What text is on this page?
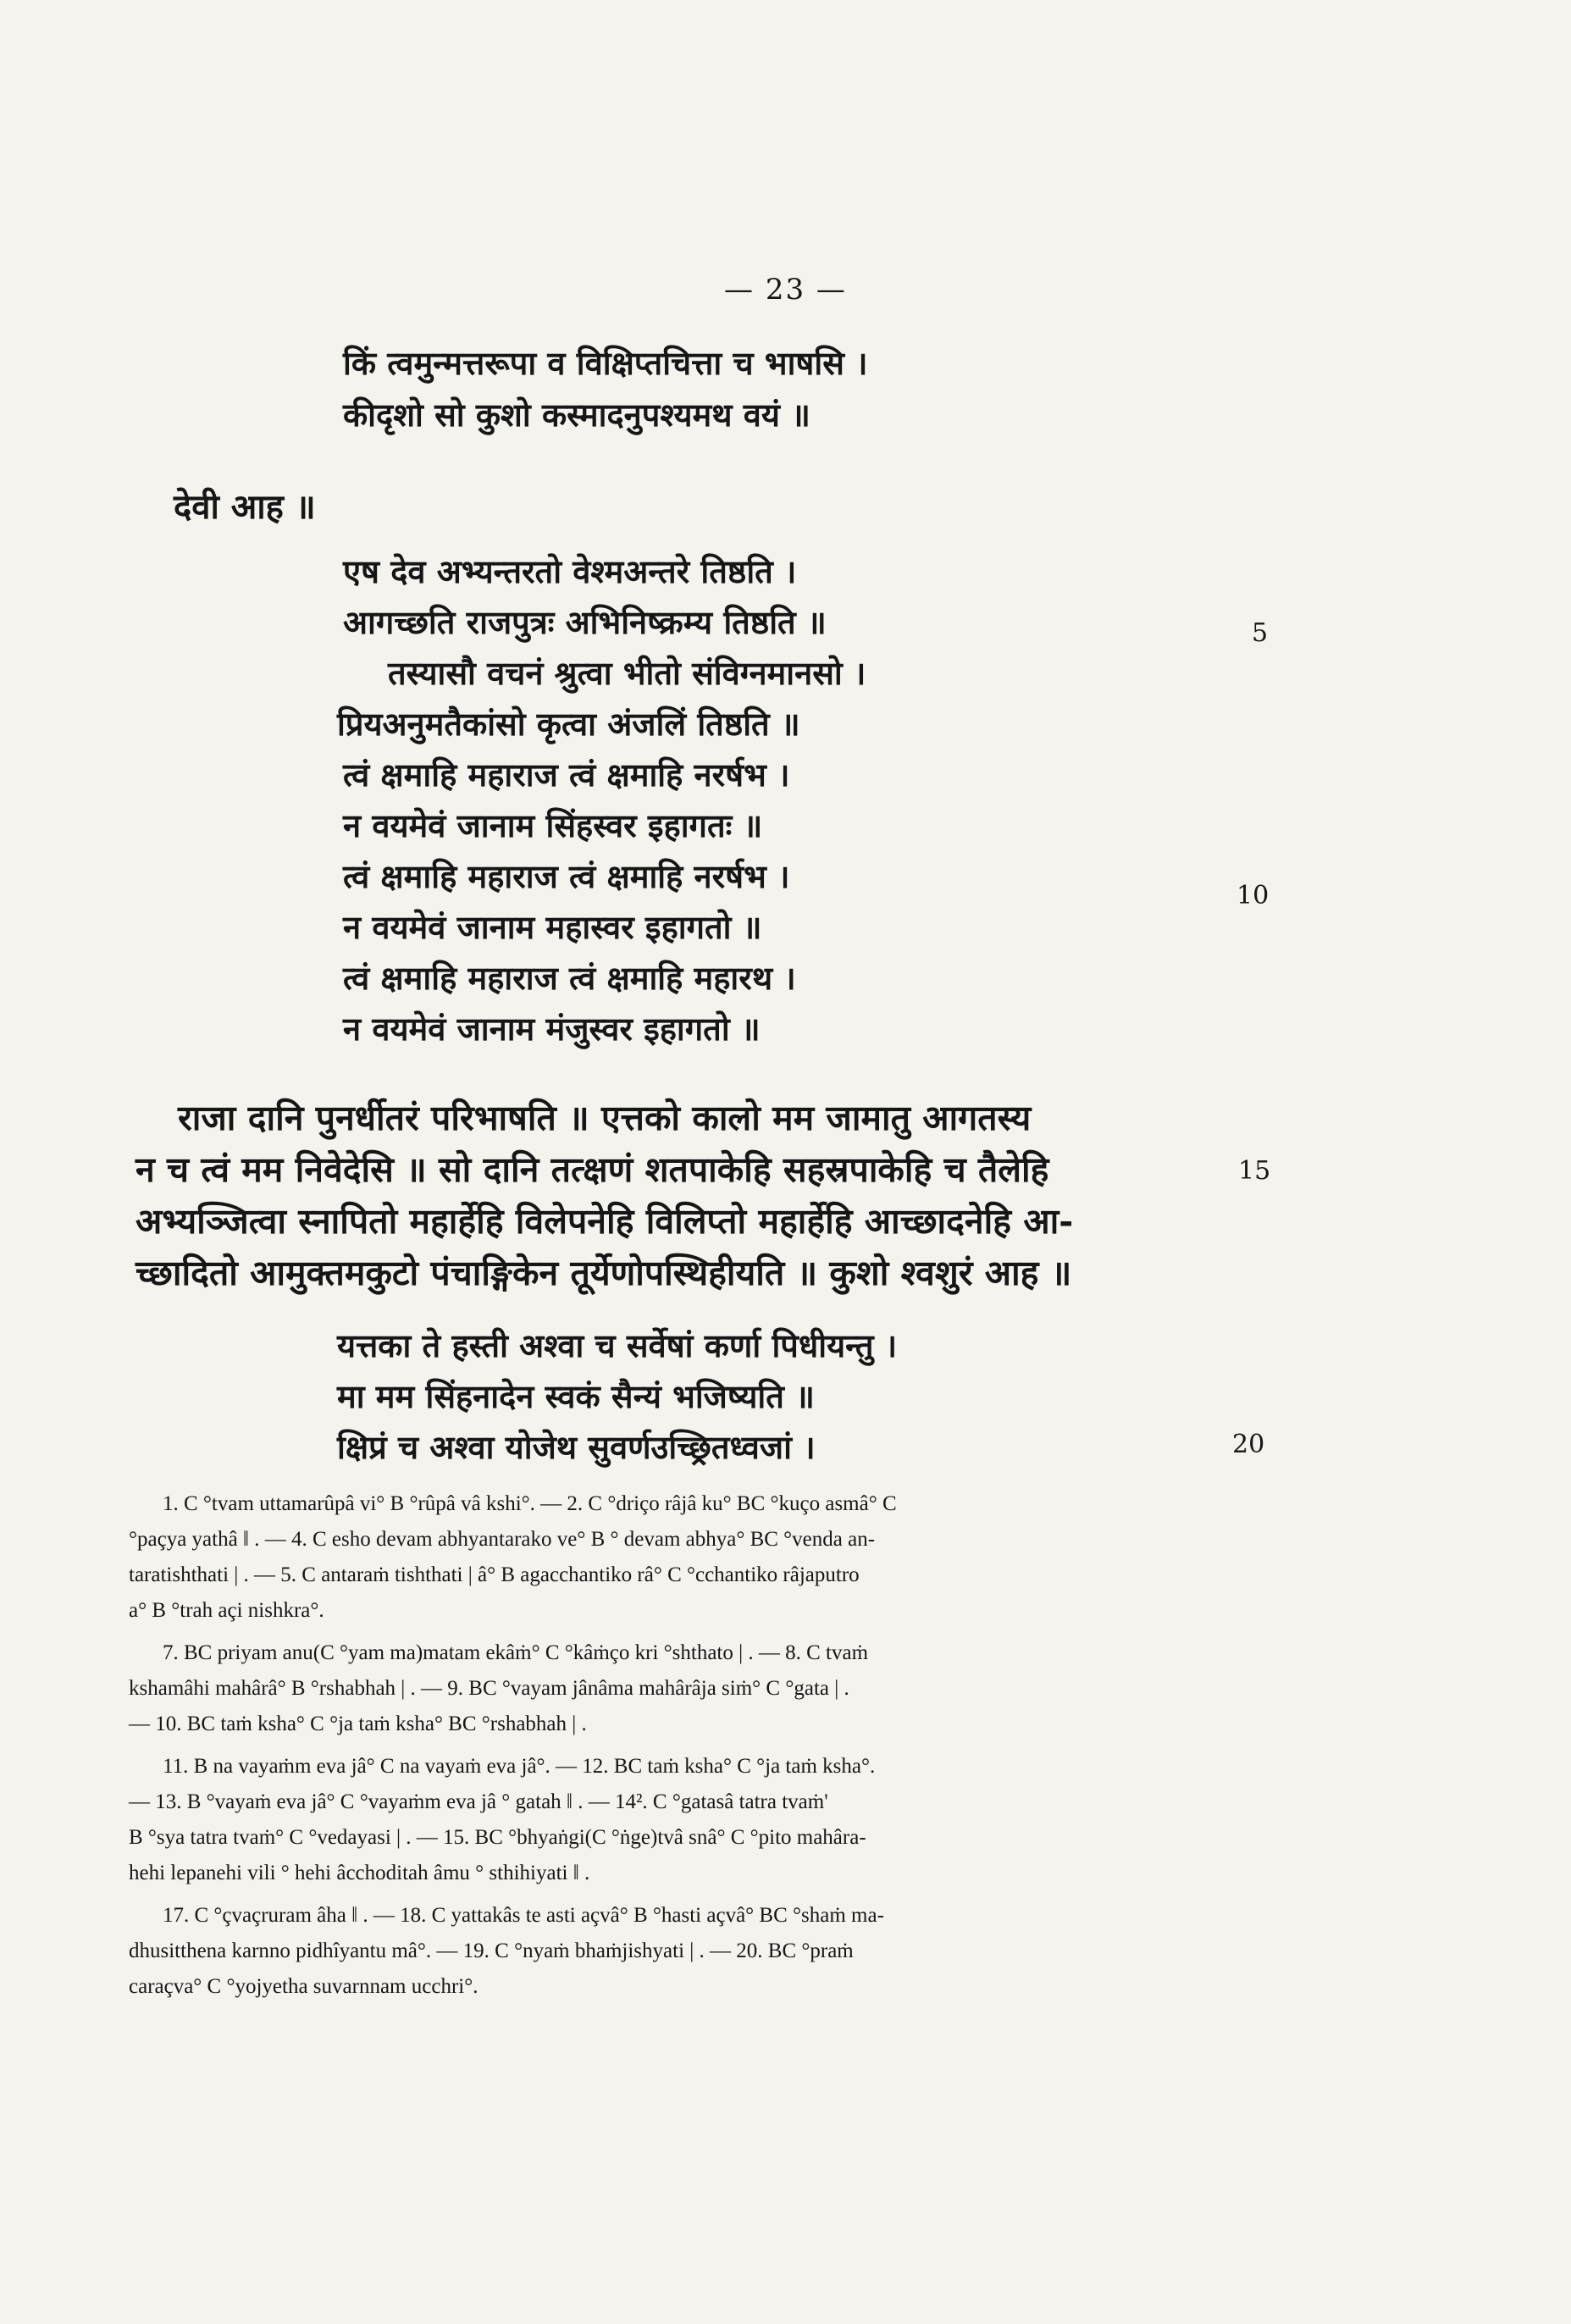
— 23 —
किं त्वमुन्मत्तरूपा व विक्षिप्तचित्ता च भाषसि ।
कीदृशो सो कुशो कस्मादनुपश्यमथ वयं ॥
देवी आह ॥
एष देव अभ्यन्तरतो वेश्मअन्तरे तिष्ठति ।
आगच्छति राजपुत्रः अभिनिष्क्रम्य तिष्ठति ॥
तस्यासौ वचनं श्रुत्वा भीतो संविग्नमानसो ।
प्रियअनुमतैकांसो कृत्वा अंजलिं तिष्ठति ॥
त्वं क्षमाहि महाराज त्वं क्षमाहि नरर्षभ ।
न वयमेवं जानाम सिंहस्वर इहागतः ॥
त्वं क्षमाहि महाराज त्वं क्षमाहि नरर्षभ ।
न वयमेवं जानाम महास्वर इहागतो ॥
त्वं क्षमाहि महाराज त्वं क्षमाहि महारथ ।
न वयमेवं जानाम मंजुस्वर इहागतो ॥
राजा दानि पुनर्धीतरं परिभाषति ॥ एत्तको कालो मम जामातु आगतस्य
न च त्वं मम निवेदेसि ॥ सो दानि तत्क्षणं शतपाकेहि सहस्रपाकेहि च तैलेहि
अभ्यञ्जित्वा स्नापितो महार्हेहि विलेपनेहि विलिप्तो महार्हेहि आच्छादनेहि आ-
च्छादितो आमुक्तमकुटो पंचाङ्गिकेन तूर्येणोपस्थिहीयति ॥ कुशो श्वशुरं आह ॥
यत्तका ते हस्ती अश्वा च सर्वेषां कर्णा पिधीयन्तु ।
मा मम सिंहनादेन स्वकं सैन्यं भजिष्यति ॥
क्षिप्रं च अश्वा योजेथ सुवर्णउच्छ्रितध्वजां ।
5
10
15
20
1. C °tvam uttamarûpâ vi° B °rûpâ vâ kshi°. — 2. C °driço râjâ ku° BC °kuço asmâ° C
°paçya yathâ ‖ . — 4. C esho devam abhyantarako ve° B ° devam abhya° BC °venda an-
taratishthati | . — 5. C antaraṁ tishthati | â° B agacchantiko râ° C °cchantiko râjaputro
a° B °trah açi nishkra°.
7. BC priyam anu(C °yam ma)matam ekâṁ° C °kâṁço kri °shthato | . — 8. C tvaṁ
kshamâhi mahârâ° B °rshabhah | . — 9. BC °vayam jânâma mahârâja siṁ° C °gata | .
— 10. BC taṁ ksha° C °ja taṁ ksha° BC °rshabhah | .
11. B na vayaṁm eva jâ° C na vayaṁ eva jâ°. — 12. BC taṁ ksha° C °ja taṁ ksha°.
— 13. B °vayaṁ eva jâ° C °vayaṁm eva jâ ° gatah ‖ . — 14². C °gatasâ tatra tvaṁ'
B °sya tatra tvaṁ° C °vedayasi | . — 15. BC °bhyaṅgi(C °ṅge)tvâ snâ° C °pito mahâra-
hehi lepanehi vili ° hehi âcchoditah âmu ° sthihiyati ‖ .
17. C °çvaçruram âha ‖ . — 18. C yattakâs te asti açvâ° B °hasti açvâ° BC °shaṁ ma-
dhusitthena karnno pidhîyantu mâ°. — 19. C °nyaṁ bhaṁjishyati | . — 20. BC °praṁ
caraçva° C °yojyetha suvarnnam ucchri°.
